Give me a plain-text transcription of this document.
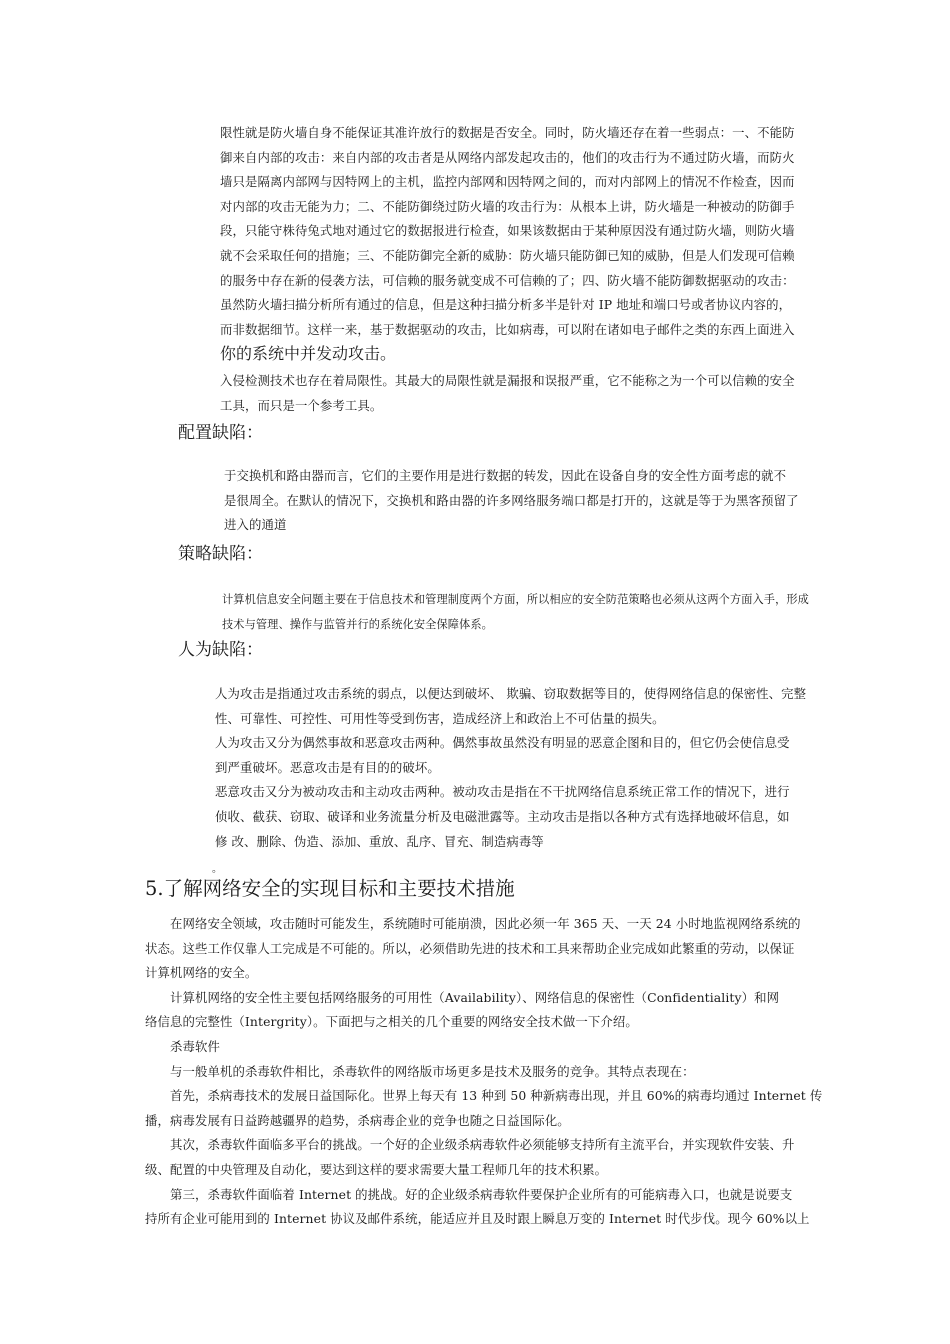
限性就是防火墙自身不能保证其准许放行的数据是否安全。同时，防火墙还存在着一些弱点：一、不能防
御来自内部的攻击：来自内部的攻击者是从网络内部发起攻击的，他们的攻击行为不通过防火墙，而防火
墙只是隔离内部网与因特网上的主机，监控内部网和因特网之间的，而对内部网上的情况不作检查，因而
对内部的攻击无能为力；二、不能防御绕过防火墙的攻击行为：从根本上讲，防火墙是一种被动的防御手
段，只能守株待兔式地对通过它的数据报进行检查，如果该数据由于某种原因没有通过防火墙，则防火墙
就不会采取任何的措施；三、不能防御完全新的威胁：防火墙只能防御已知的威胁，但是人们发现可信赖
的服务中存在新的侵袭方法，可信赖的服务就变成不可信赖的了；四、防火墙不能防御数据驱动的攻击：
虽然防火墙扫描分析所有通过的信息，但是这种扫描分析多半是针对 IP 地址和端口号或者协议内容的，
而非数据细节。这样一来，基于数据驱动的攻击，比如病毒，可以附在诸如电子邮件之类的东西上面进入
你的系统中并发动攻击。
入侵检测技术也存在着局限性。其最大的局限性就是漏报和误报严重，它不能称之为一个可以信赖的安全
工具，而只是一个参考工具。
配置缺陷：
于交换机和路由器而言，它们的主要作用是进行数据的转发，因此在设备自身的安全性方面考虑的就不
是很周全。在默认的情况下，交换机和路由器的许多网络服务端口都是打开的，这就是等于为黑客预留了
进入的通道
策略缺陷：
计算机信息安全问题主要在于信息技术和管理制度两个方面，所以相应的安全防范策略也必须从这两个方面入手，形成
技术与管理、操作与监管并行的系统化安全保障体系。
人为缺陷：
人为攻击是指通过攻击系统的弱点，以便达到破坏、 欺骗、窃取数据等目的，使得网络信息的保密性、完整
性、可靠性、可控性、可用性等受到伤害，造成经济上和政治上不可估量的损失。
人为攻击又分为偶然事故和恶意攻击两种。偶然事故虽然没有明显的恶意企图和目的，但它仍会使信息受
到严重破坏。恶意攻击是有目的的破坏。
恶意攻击又分为被动攻击和主动攻击两种。被动攻击是指在不干扰网络信息系统正常工作的情况下，进行
侦收、截获、窃取、破译和业务流量分析及电磁泄露等。主动攻击是指以各种方式有选择地破坏信息，如
修 改、删除、伪造、添加、重放、乱序、冒充、制造病毒等
。
5.了解网络安全的实现目标和主要技术措施
在网络安全领域，攻击随时可能发生，系统随时可能崩溃，因此必须一年 365 天、一天 24 小时地监视网络系统的
状态。这些工作仅靠人工完成是不可能的。所以，必须借助先进的技术和工具来帮助企业完成如此繁重的劳动，以保证
计算机网络的安全。
计算机网络的安全性主要包括网络服务的可用性（Availability）、网络信息的保密性（Confidentiality）和网
络信息的完整性（Intergrity）。下面把与之相关的几个重要的网络安全技术做一下介绍。
杀毒软件
与一般单机的杀毒软件相比，杀毒软件的网络版市场更多是技术及服务的竞争。其特点表现在：
首先，杀病毒技术的发展日益国际化。世界上每天有 13 种到 50 种新病毒出现，并且 60%的病毒均通过 Internet 传
播，病毒发展有日益跨越疆界的趋势，杀病毒企业的竞争也随之日益国际化。
其次，杀毒软件面临多平台的挑战。一个好的企业级杀病毒软件必须能够支持所有主流平台，并实现软件安装、升
级、配置的中央管理及自动化，要达到这样的要求需要大量工程师几年的技术积累。
第三，杀毒软件面临着 Internet 的挑战。好的企业级杀病毒软件要保护企业所有的可能病毒入口，也就是说要支
持所有企业可能用到的 Internet 协议及邮件系统，能适应并且及时跟上瞬息万变的 Internet 时代步伐。现今 60%以上
